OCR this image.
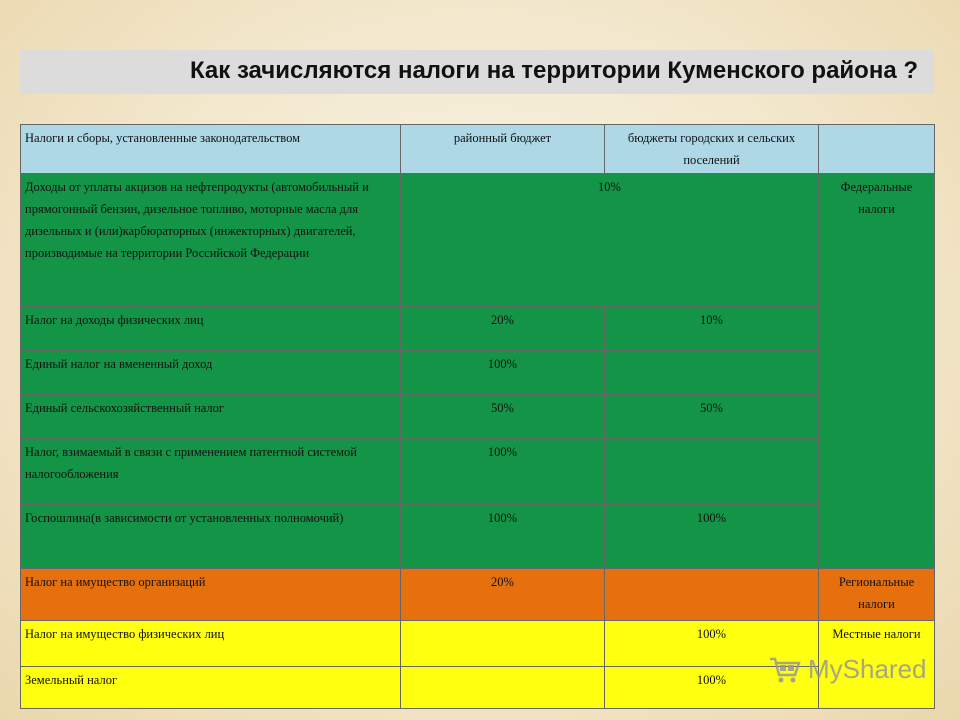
Как зачисляются налоги на территории Куменского района ?
Налоги и сборы, установленные законодательством	районный бюджет	бюджеты городских и сельских поселений	
Доходы от уплаты акцизов на нефтепродукты (автомобильный и прямогонный бензин, дизельное топливо, моторные масла для дизельных и (или)карбюраторных (инжекторных) двигателей, производимые на территории Российской Федерации	10%		Федеральные налоги
Налог на доходы физических лиц	20%	10%	
Единый налог на вмененный доход	100%		
Единый сельскохозяйственный налог	50%	50%	
Налог, взимаемый в связи с применением патентной системой налогообложения	100%		
Госпошлина(в зависимости от установленных полномочий)	100%	100%	
Налог на имущество организаций	20%		Региональные налоги
Налог на имущество физических лиц		100%	Местные налоги
Земельный налог		100%		MyShared
